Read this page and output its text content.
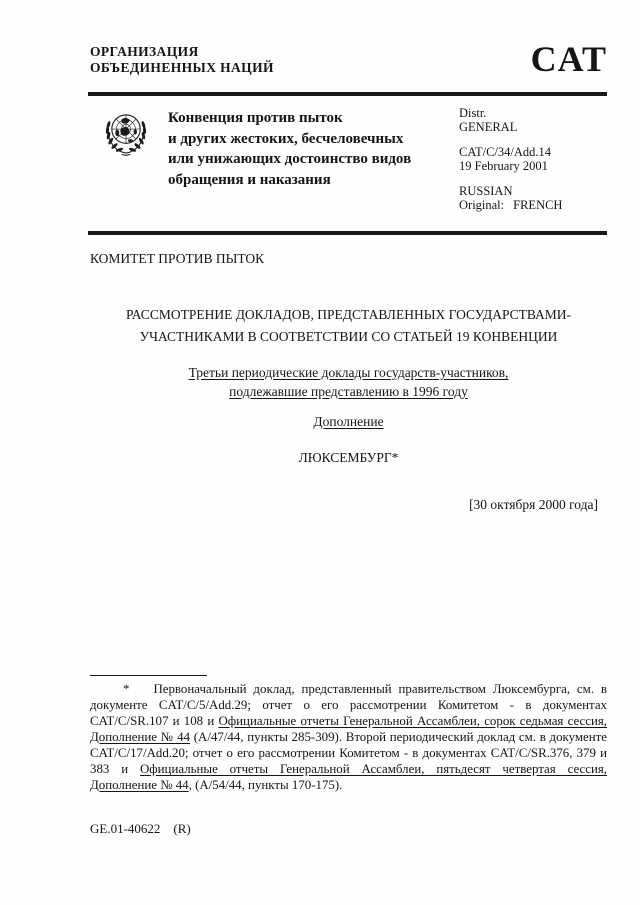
ОРГАНИЗАЦИЯ
ОБЪЕДИНЕННЫХ НАЦИЙ	CAT
Конвенция против пыток
и других жестоких, бесчеловечных
или унижающих достоинство видов
обращения и наказания
Distr.
GENERAL
CAT/C/34/Add.14
19 February 2001
RUSSIAN
Original: FRENCH
КОМИТЕТ ПРОТИВ ПЫТОК
РАССМОТРЕНИЕ ДОКЛАДОВ, ПРЕДСТАВЛЕННЫХ ГОСУДАРСТВАМИ-
УЧАСТНИКАМИ В СООТВЕТСТВИИ СО СТАТЬЕЙ 19 КОНВЕНЦИИ
Третьи периодические доклады государств-участников,
подлежавшие представлению в 1996 году
Дополнение
ЛЮКСЕМБУРГ*
[30 октября 2000 года]

* Первоначальный доклад, представленный правительством Люксембурга, см. в документе CAT/C/5/Add.29; отчет о его рассмотрении Комитетом - в документах CAT/C/SR.107 и 108 и Официальные отчеты Генеральной Ассамблеи, сорок седьмая сессия, Дополнение № 44 (A/47/44, пункты 285-309). Второй периодический доклад см. в документе CAT/C/17/Add.20; отчет о его рассмотрении Комитетом - в документах CAT/C/SR.376, 379 и 383 и Официальные отчеты Генеральной Ассамблеи, пятьдесят четвертая сессия, Дополнение № 44, (A/54/44, пункты 170-175).

GE.01-40622  (R)
